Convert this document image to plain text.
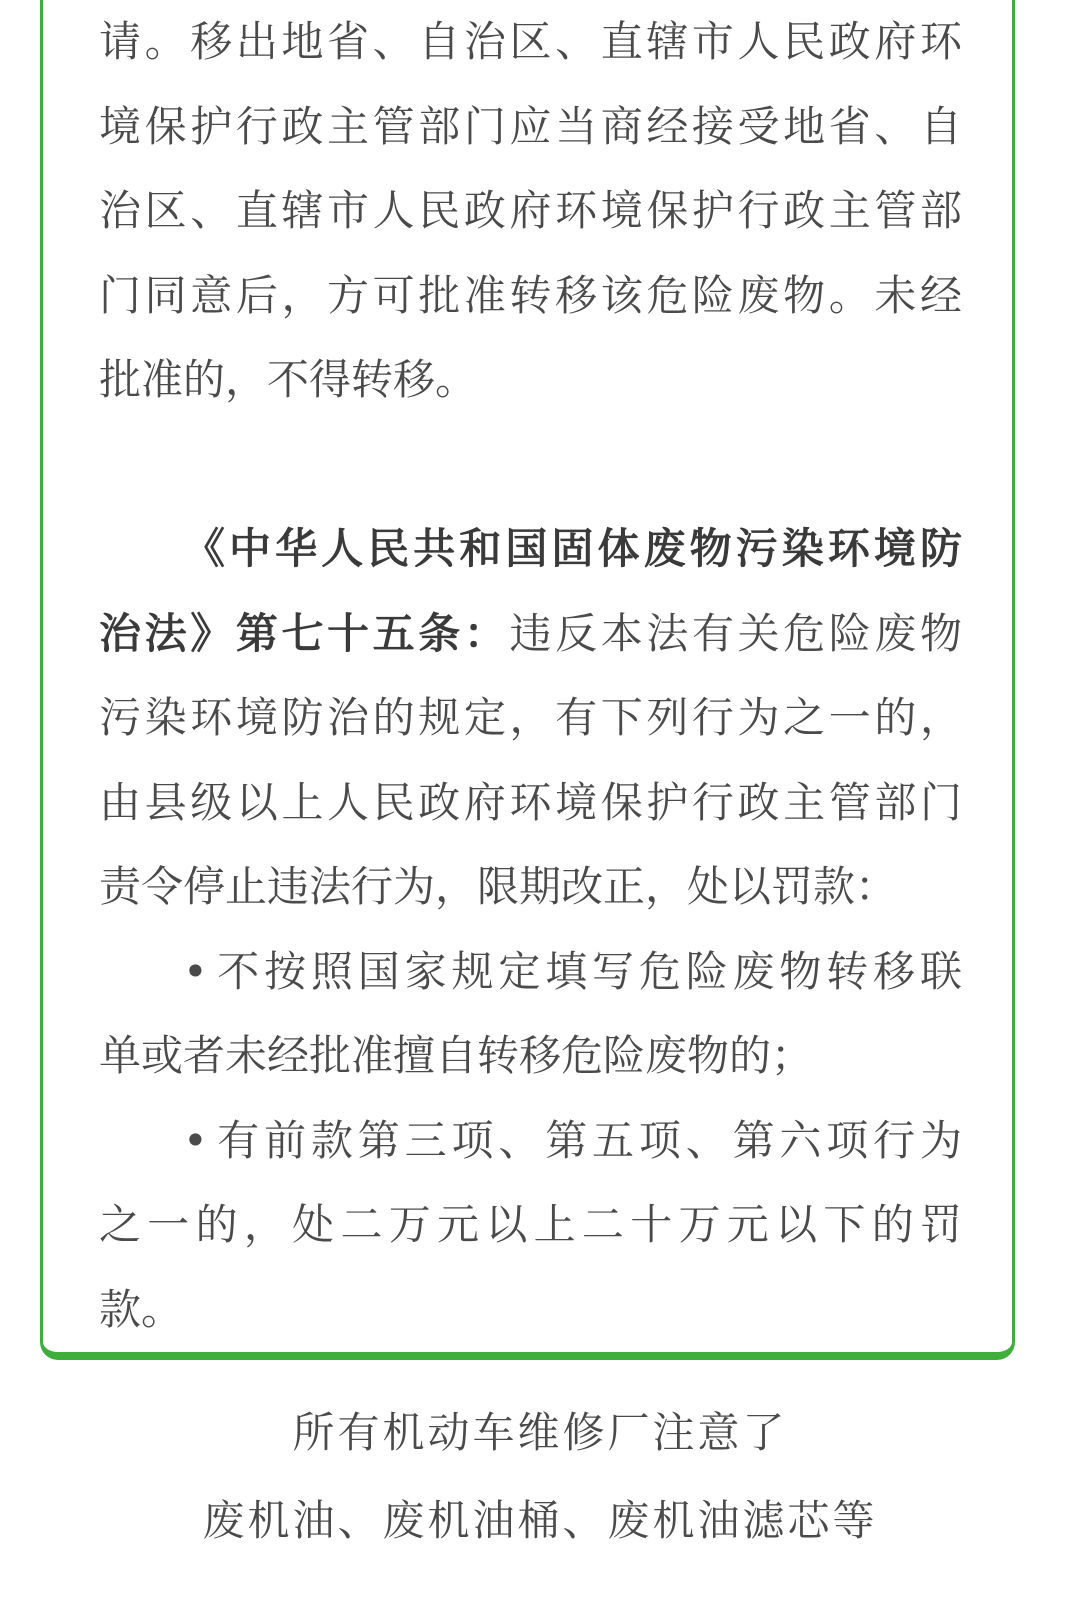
请。移出地省、自治区、直辖市人民政府环
境保护行政主管部门应当商经接受地省、自
治区、直辖市人民政府环境保护行政主管部
门同意后，方可批准转移该危险废物。未经
批准的，不得转移。
《中华人民共和国固体废物污染环境防
治法》第七十五条：违反本法有关危险废物
污染环境防治的规定，有下列行为之一的，
由县级以上人民政府环境保护行政主管部门
责令停止违法行为，限期改正，处以罚款：
• 不按照国家规定填写危险废物转移联
单或者未经批准擅自转移危险废物的；
• 有前款第三项、第五项、第六项行为
之一的，处二万元以上二十万元以下的罚
款。
所有机动车维修厂注意了
废机油、废机油桶、废机油滤芯等
